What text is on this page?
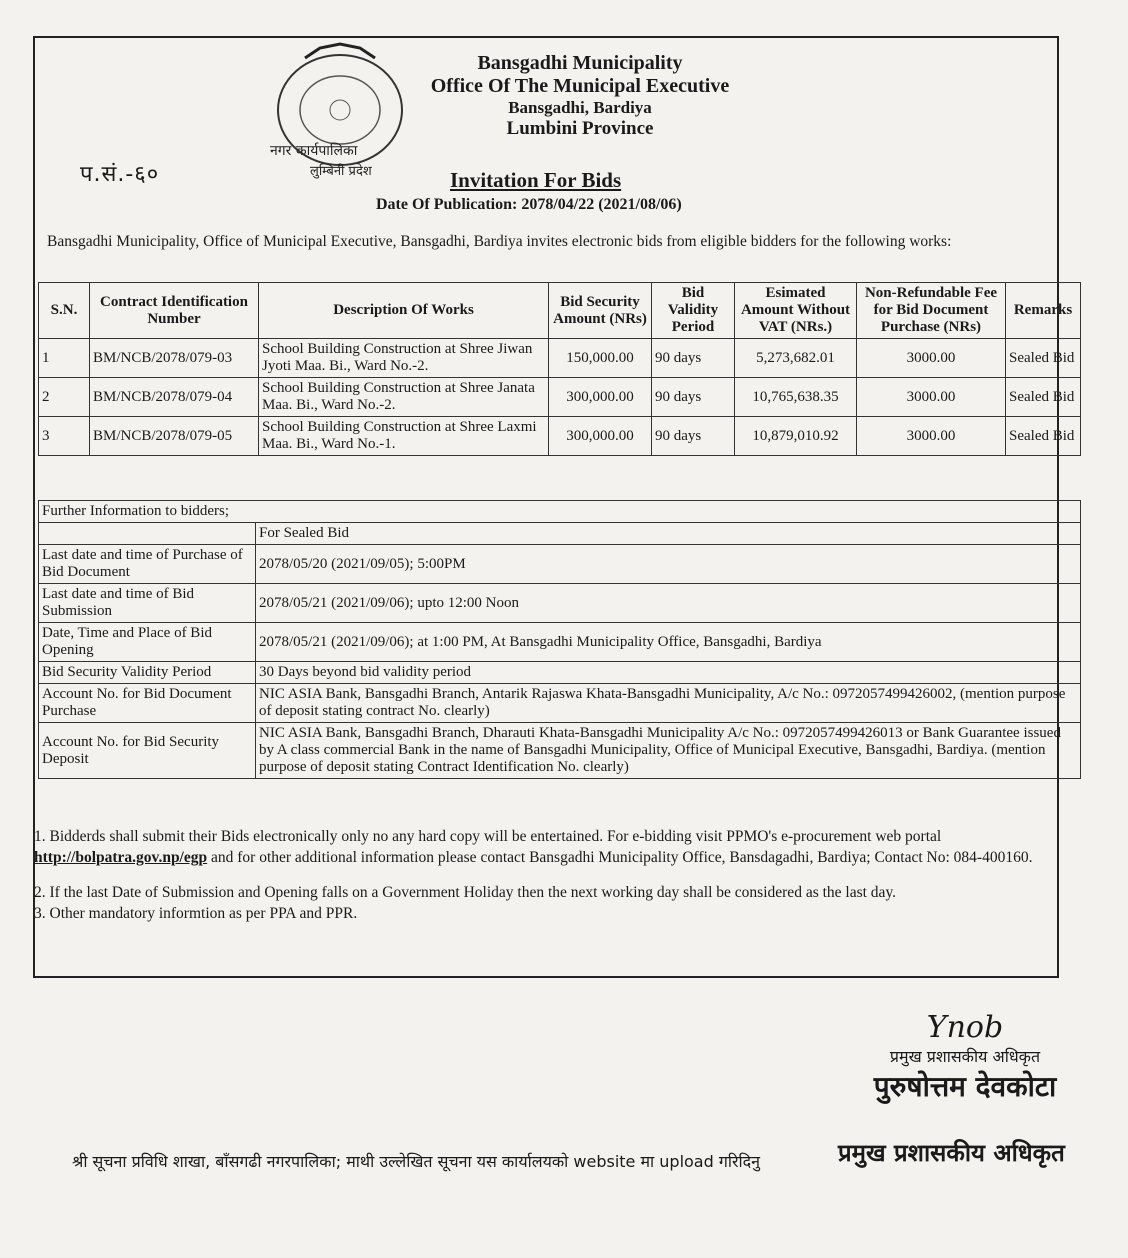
नगर कार्यपालिका
लुम्बिनी प्रदेश
Bansgadhi Municipality
Office Of The Municipal Executive
Bansgadhi, Bardiya
Lumbini Province
प.सं.-६०	Invitation For Bids
Date Of Publication: 2078/04/22 (2021/08/06)
Bansgadhi Municipality, Office of Municipal Executive, Bansgadhi, Bardiya invites electronic bids from eligible bidders for the following works:
S.N.	Contract Identification Number	Description Of Works	Bid Security Amount (NRs)	Bid Validity Period	Esimated Amount Without VAT (NRs.)	Non-Refundable Fee for Bid Document Purchase (NRs)	Remarks
1	BM/NCB/2078/079-03	School Building Construction at Shree Jiwan Jyoti Maa. Bi., Ward No.-2.	150,000.00	90 days	5,273,682.01	3000.00	Sealed Bid
2	BM/NCB/2078/079-04	School Building Construction at Shree Janata Maa. Bi., Ward No.-2.	300,000.00	90 days	10,765,638.35	3000.00	Sealed Bid
3	BM/NCB/2078/079-05	School Building Construction at Shree Laxmi Maa. Bi., Ward No.-1.	300,000.00	90 days	10,879,010.92	3000.00	Sealed Bid
Further Information to bidders;	
	For Sealed Bid
Last date and time of Purchase of Bid Document	2078/05/20 (2021/09/05); 5:00PM
Last date and time of Bid Submission	2078/05/21 (2021/09/06); upto 12:00 Noon
Date, Time and Place of Bid Opening	2078/05/21 (2021/09/06); at 1:00 PM, At Bansgadhi Municipality Office, Bansgadhi, Bardiya
Bid Security Validity Period	30 Days beyond bid validity period
Account No. for Bid Document Purchase	NIC ASIA Bank, Bansgadhi Branch, Antarik Rajaswa Khata-Bansgadhi Municipality, A/c No.: 0972057499426002, (mention purpose of deposit stating contract No. clearly)
Account No. for Bid Security Deposit	NIC ASIA Bank, Bansgadhi Branch, Dharauti Khata-Bansgadhi Municipality A/c No.: 0972057499426013 or Bank Guarantee issued by A class commercial Bank in the name of Bansgadhi Municipality, Office of Municipal Executive, Bansgadhi, Bardiya. (mention purpose of deposit stating Contract Identification No. clearly)

1. Bidderds shall submit their Bids electronically only no any hard copy will be entertained. For e-bidding visit PPMO's e-procurement web portal http://bolpatra.gov.np/egp and for other additional information please contact Bansgadhi Municipality Office, Bansdagadhi, Bardiya; Contact No: 084-400160.

2. If the last Date of Submission and Opening falls on a Government Holiday then the next working day shall be considered as the last day.

3. Other mandatory informtion as per PPA and PPR.

Ynob
प्रमुख प्रशासकीय अधिकृत
पुरुषोत्तम देवकोटा
श्री सूचना प्रविधि शाखा, बाँसगढी नगरपालिका; माथी उल्लेखित सूचना यस कार्यालयको website मा upload गरिदिनु	प्रमुख प्रशासकीय अधिकृत
